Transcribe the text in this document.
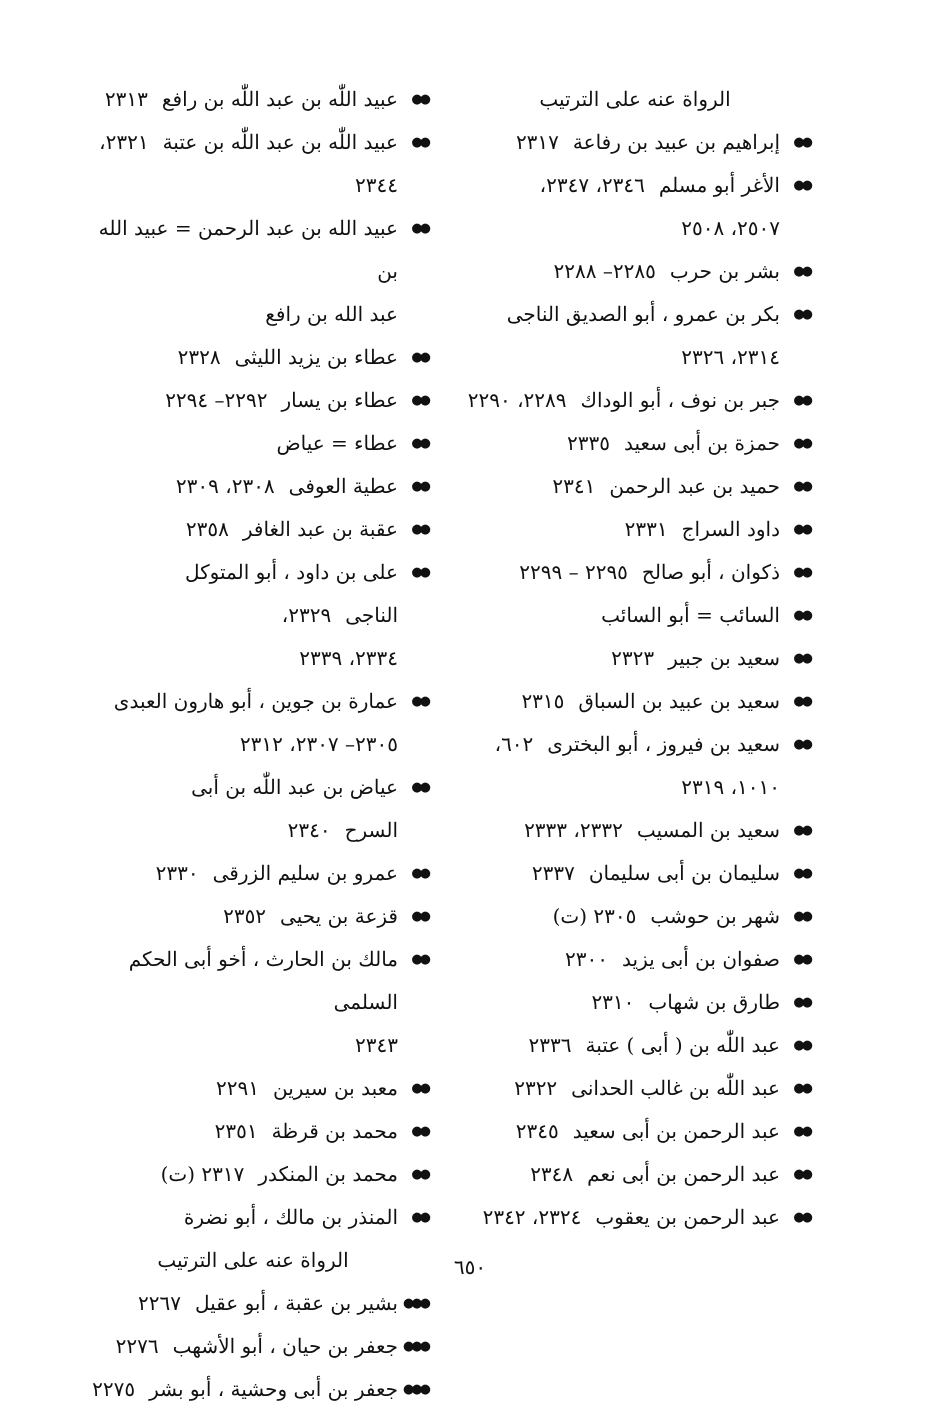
الرواة عنه على الترتيب
●●
إبراهيم بن عبيد بن رفاعة٢٣١٧
●●
الأغر أبو مسلم٢٣٤٦، ٢٣٤٧،
٢٥٠٧، ٢٥٠٨
●●
بشر بن حرب٢٢٨٥– ٢٢٨٨
●●
بكر بن عمرو ، أبو الصديق الناجى
٢٣١٤، ٢٣٢٦
●●
جبر بن نوف ، أبو الوداك٢٢٨٩، ٢٢٩٠
●●
حمزة بن أبى سعيد٢٣٣٥
●●
حميد بن عبد الرحمن٢٣٤١
●●
داود السراج٢٣٣١
●●
ذكوان ، أبو صالح٢٢٩٥ – ٢٢٩٩
●●
السائب = أبو السائب
●●
سعيد بن جبير٢٣٢٣
●●
سعيد بن عبيد بن السباق٢٣١٥
●●
سعيد بن فيروز ، أبو البخترى٦٠٢،
١٠١٠، ٢٣١٩
●●
سعيد بن المسيب٢٣٣٢، ٢٣٣٣
●●
سليمان بن أبى سليمان٢٣٣٧
●●
شهر بن حوشب٢٣٠٥ (ت)
●●
صفوان بن أبى يزيد٢٣٠٠
●●
طارق بن شهاب٢٣١٠
●●
عبد اللّٰه بن ( أبى ) عتبة٢٣٣٦
●●
عبد اللّٰه بن غالب الحدانى٢٣٢٢
●●
عبد الرحمن بن أبى سعيد٢٣٤٥
●●
عبد الرحمن بن أبى نعم٢٣٤٨
●●
عبد الرحمن بن يعقوب٢٣٢٤، ٢٣٤٢
●●
عبيد اللّٰه بن عبد اللّٰه بن رافع٢٣١٣
●●
عبيد اللّٰه بن عبد اللّٰه بن عتبة٢٣٢١،
٢٣٤٤
●●
عبيد الله بن عبد الرحمن = عبيد الله بن
عبد الله بن رافع
●●
عطاء بن يزيد الليثى٢٣٢٨
●●
عطاء بن يسار٢٢٩٢– ٢٢٩٤
●●
عطاء = عياض
●●
عطية العوفى٢٣٠٨، ٢٣٠٩
●●
عقبة بن عبد الغافر٢٣٥٨
●●
على بن داود ، أبو المتوكل الناجى٢٣٢٩،
٢٣٣٤، ٢٣٣٩
●●
عمارة بن جوين ، أبو هارون العبدى
٢٣٠٥– ٢٣٠٧، ٢٣١٢
●●
عياض بن عبد اللّٰه بن أبى السرح٢٣٤٠
●●
عمرو بن سليم الزرقى٢٣٣٠
●●
قزعة بن يحيى٢٣٥٢
●●
مالك بن الحارث ، أخو أبى الحكم السلمى
٢٣٤٣
●●
معبد بن سيرين٢٢٩١
●●
محمد بن قرظة٢٣٥١
●●
محمد بن المنكدر٢٣١٧ (ت)
●●
المنذر بن مالك ، أبو نضرة
الرواة عنه على الترتيب
●●●
بشير بن عقبة ، أبو عقيل٢٢٦٧
●●●
جعفر بن حيان ، أبو الأشهب٢٢٧٦
●●●
جعفر بن أبى وحشية ، أبو بشر٢٢٧٥
٦٥٠
